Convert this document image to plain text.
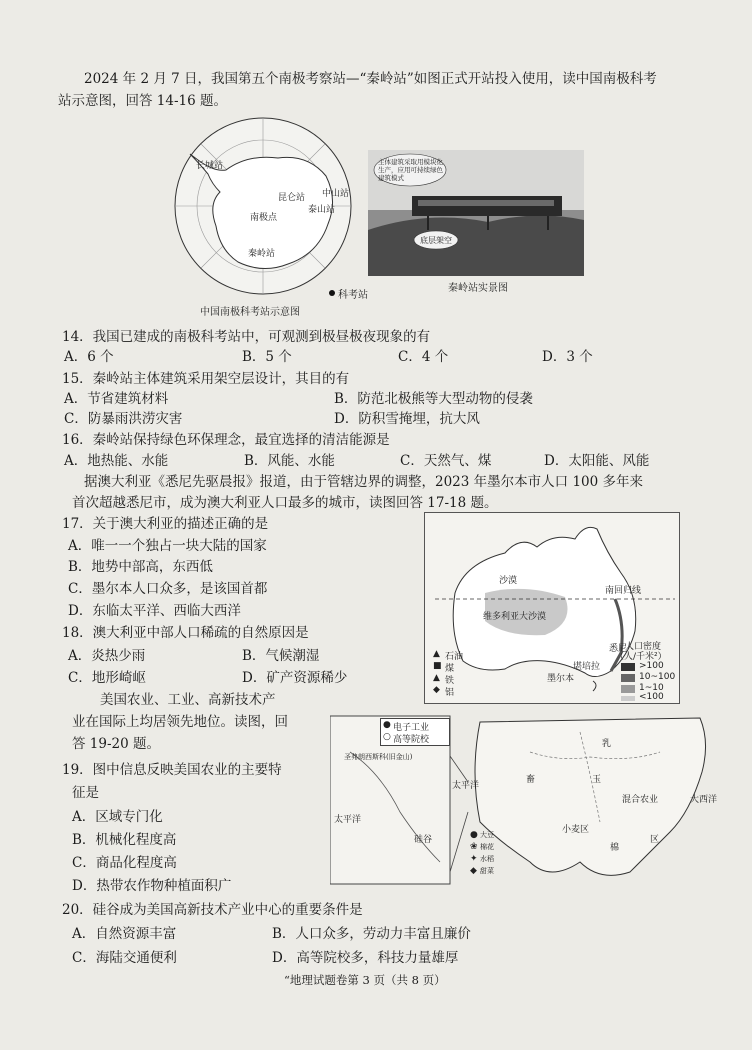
2024 年 2 月 7 日，我国第五个南极考察站—“秦岭站”如图正式开站投入使用，读中国南极科考
站示意图，回答 14-16 题。
长城站
昆仑站 中山站
泰山站
南极点
秦岭站
中国南极科考站示意图
科考站
主体建筑采取用模块化生产，应用可持续绿色建筑模式
底层架空
秦岭站实景图
14．我国已建成的南极科考站中，可观测到极昼极夜现象的有
A．6 个	B．5 个	C．4 个	D．3 个
15．秦岭站主体建筑采用架空层设计，其目的有
A．节省建筑材料	B．防范北极熊等大型动物的侵袭
C．防暴雨洪涝灾害	D．防积雪掩埋，抗大风
16．秦岭站保持绿色环保理念，最宜选择的清洁能源是
A．地热能、水能	B．风能、水能	C．天然气、煤	D．太阳能、风能
据澳大利亚《悉尼先驱晨报》报道，由于管辖边界的调整，2023 年墨尔本市人口 100 多年来
首次超越悉尼市，成为澳大利亚人口最多的城市，读图回答 17-18 题。
17．关于澳大利亚的描述正确的是
A．唯一一个独占一块大陆的国家
B．地势中部高，东西低
C．墨尔本人口众多，是该国首都
D．东临太平洋、西临大西洋
18．澳大利亚中部人口稀疏的自然原因是
A．炎热少雨	B．气候潮湿
C．地形崎岖	D．矿产资源稀少
沙漠
南回归线
维多利亚大沙漠
堪培拉
悉尼
墨尔本
人口密度
（人/千米²）
>100
10~100
1~10
<100
▲ 石油
■ 煤
▲ 铁
◆ 铝
美国农业、工业、高新技术产
业在国际上均居领先地位。读图，回
答 19-20 题。
● 电子工业
○ 高等院校
圣弗朗西斯科(旧金山)
太平洋
硅谷
太平洋
大西洋
混合农业
小麦区
玉
棉
乳
畜
区
● 大豆
❀ 棉花
✦ 水稻
◆ 甜菜
19．图中信息反映美国农业的主要特
征是
A．区域专门化
B．机械化程度高
C．商品化程度高
D．热带农作物种植面积广
20．硅谷成为美国高新技术产业中心的重要条件是
A．自然资源丰富	B．人口众多，劳动力丰富且廉价
C．海陆交通便利	D．高等院校多，科技力量雄厚
“地理试题卷第 3 页（共 8 页）
